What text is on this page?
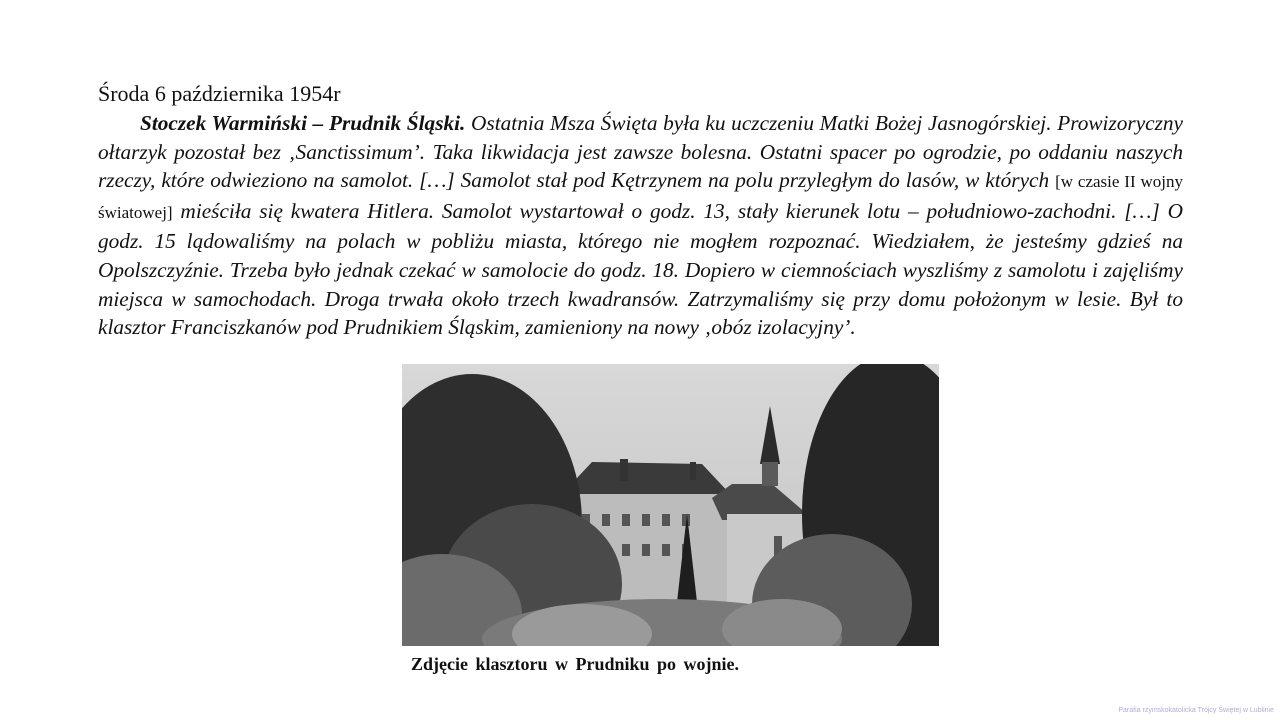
Środa 6 października 1954r

Stoczek Warmiński – Prudnik Śląski. Ostatnia Msza Święta była ku uczczeniu Matki Bożej Jasnogórskiej. Prowizoryczny ołtarzyk pozostał bez ‚Sanctissimum’. Taka likwidacja jest zawsze bolesna. Ostatni spacer po ogrodzie, po oddaniu naszych rzeczy, które odwieziono na samolot. […] Samolot stał pod Kętrzynem na polu przyległym do lasów, w których [w czasie II wojny światowej] mieściła się kwatera Hitlera. Samolot wystartował o godz. 13, stały kierunek lotu – południowo-zachodni. […] O godz. 15 lądowaliśmy na polach w pobliżu miasta, którego nie mogłem rozpoznać. Wiedziałem, że jesteśmy gdzieś na Opolszczyźnie. Trzeba było jednak czekać w samolocie do godz. 18. Dopiero w ciemnościach wyszliśmy z samolotu i zajęliśmy miejsca w samochodach. Droga trwała około trzech kwadransów. Zatrzymaliśmy się przy domu położonym w lesie. Był to klasztor Franciszkanów pod Prudnikiem Śląskim, zamieniony na nowy ‚obóz izolacyjny’.

Zdjęcie klasztoru w Prudniku po wojnie.
Parafia rzymskokatolicka Trójcy Świętej w Lublinie
